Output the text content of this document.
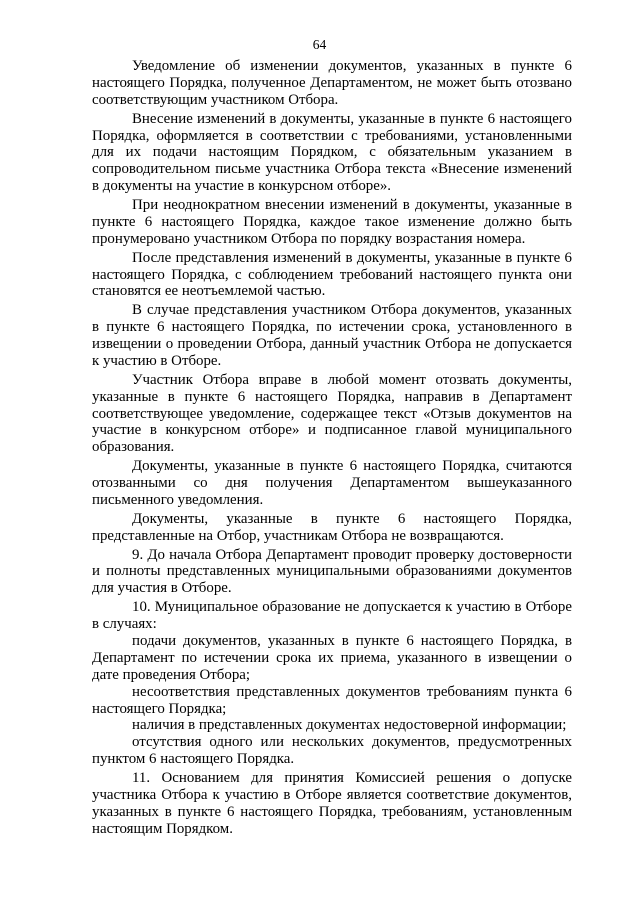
64

Уведомление об изменении документов, указанных в пункте 6 настоящего Порядка, полученное Департаментом, не может быть отозвано соответствующим участником Отбора.

Внесение изменений в документы, указанные в пункте 6 настоящего Порядка, оформляется в соответствии с требованиями, установленными для их подачи настоящим Порядком, с обязательным указанием в сопроводительном письме участника Отбора текста «Внесение изменений в документы на участие в конкурсном отборе».

При неоднократном внесении изменений в документы, указанные в пункте 6 настоящего Порядка, каждое такое изменение должно быть пронумеровано участником Отбора по порядку возрастания номера.

После представления изменений в документы, указанные в пункте 6 настоящего Порядка, с соблюдением требований настоящего пункта они становятся ее неотъемлемой частью.

В случае представления участником Отбора документов, указанных в пункте 6 настоящего Порядка, по истечении срока, установленного в извещении о проведении Отбора, данный участник Отбора не допускается к участию в Отборе.

Участник Отбора вправе в любой момент отозвать документы, указанные в пункте 6 настоящего Порядка, направив в Департамент соответствующее уведомление, содержащее текст «Отзыв документов на участие в конкурсном отборе» и подписанное главой муниципального образования.

Документы, указанные в пункте 6 настоящего Порядка, считаются отозванными со дня получения Департаментом вышеуказанного письменного уведомления.

Документы, указанные в пункте 6 настоящего Порядка, представленные на Отбор, участникам Отбора не возвращаются.

9. До начала Отбора Департамент проводит проверку достоверности и полноты представленных муниципальными образованиями документов для участия в Отборе.

10. Муниципальное образование не допускается к участию в Отборе в случаях:

подачи документов, указанных в пункте 6 настоящего Порядка, в Департамент по истечении срока их приема, указанного в извещении о дате проведения Отбора;

несоответствия представленных документов требованиям пункта 6 настоящего Порядка;

наличия в представленных документах недостоверной информации;

отсутствия одного или нескольких документов, предусмотренных пунктом 6 настоящего Порядка.

11. Основанием для принятия Комиссией решения о допуске участника Отбора к участию в Отборе является соответствие документов, указанных в пункте 6 настоящего Порядка, требованиям, установленным настоящим Порядком.
